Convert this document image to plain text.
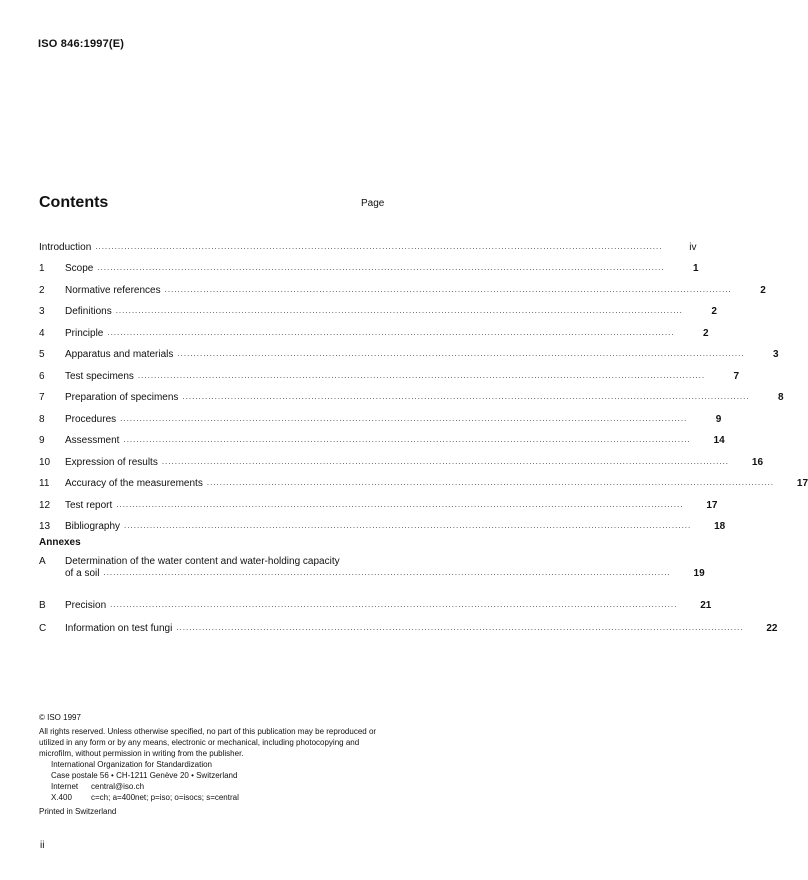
ISO 846:1997(E)
Contents	Page
Introduction .....	iv
1	Scope .....	1
2	Normative references .....	2
3	Definitions .....	2
4	Principle .....	2
5	Apparatus and materials .....	3
6	Test specimens .....	7
7	Preparation of specimens .....	8
8	Procedures .....	9
9	Assessment .....	14
10	Expression of results .....	16
11	Accuracy of the measurements .....	17
12	Test report .....	17
13	Bibliography .....	18
Annexes
A	Determination of the water content and water-holding capacity
of a soil .....	19
B	Precision .....	21
C	Information on test fungi .....	22
© ISO 1997
All rights reserved. Unless otherwise specified, no part of this publication may be reproduced or utilized in any form or by any means, electronic or mechanical, including photocopying and microfilm, without permission in writing from the publisher.
International Organization for Standardization
Case postale 56 • CH-1211 Genève 20 • Switzerland
Internet	central@iso.ch
X.400	c=ch; a=400net; p=iso; o=isocs; s=central
Printed in Switzerland
ii
